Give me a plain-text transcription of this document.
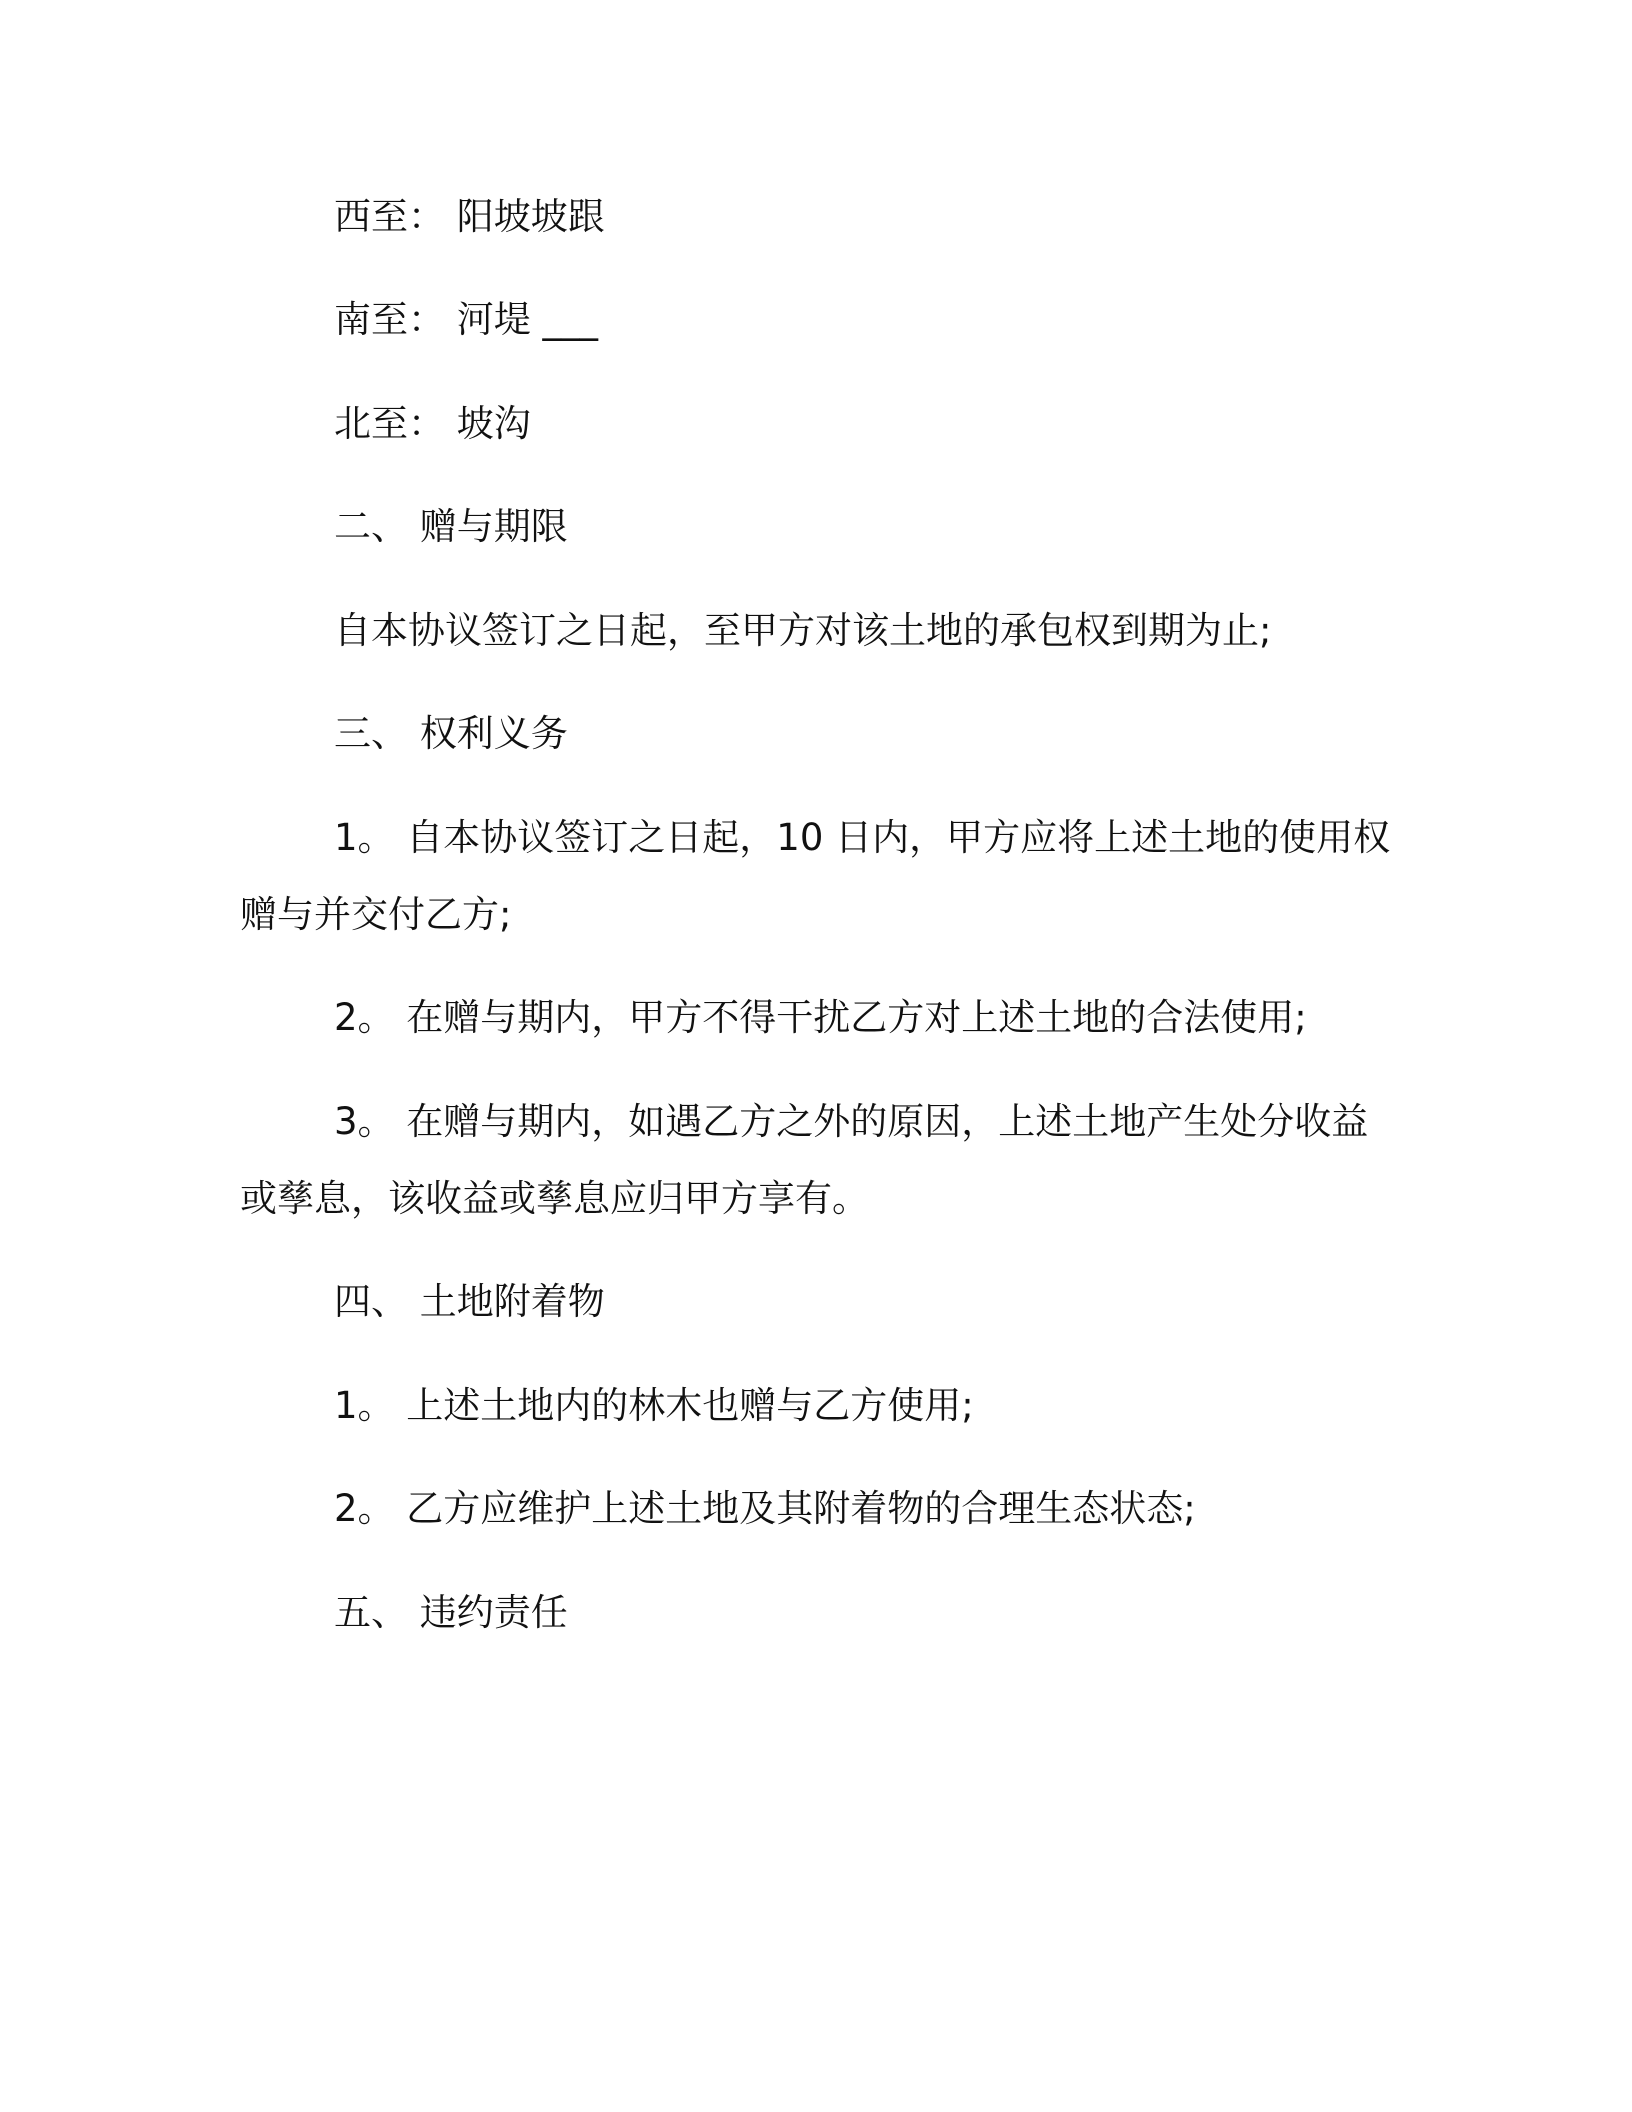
西至： 阳坡坡跟

南至： 河堤 ___

北至： 坡沟

二、 赠与期限

自本协议签订之日起，至甲方对该土地的承包权到期为止;

三、 权利义务

1。 自本协议签订之日起，10 日内，甲方应将上述土地的使用权

赠与并交付乙方;

2。 在赠与期内，甲方不得干扰乙方对上述土地的合法使用;

3。 在赠与期内，如遇乙方之外的原因，上述土地产生处分收益

或孳息，该收益或孳息应归甲方享有。

四、 土地附着物

1。 上述土地内的林木也赠与乙方使用;

2。 乙方应维护上述土地及其附着物的合理生态状态;

五、 违约责任
